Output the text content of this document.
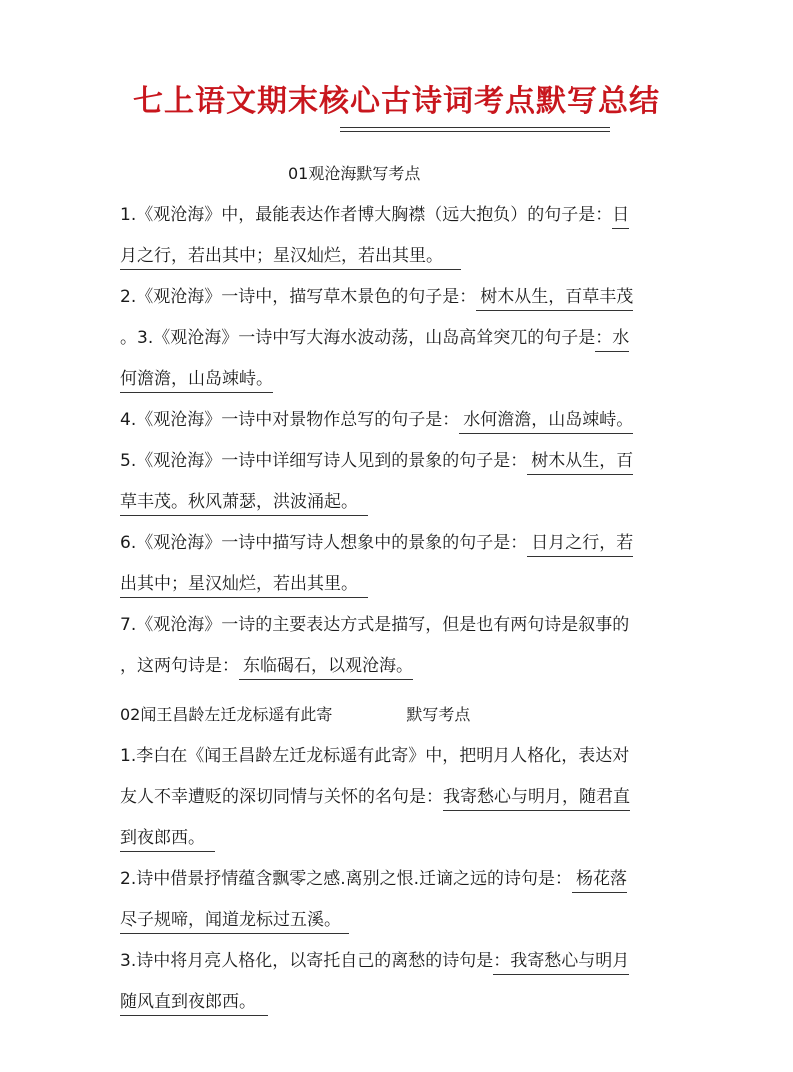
七上语文期末核心古诗词考点默写总结
01观沧海默写考点
1.《观沧海》中，最能表达作者博大胸襟（远大抱负）的句子是：日
月之行，若出其中；星汉灿烂，若出其里。
2.《观沧海》一诗中，描写草木景色的句子是： 树木从生，百草丰茂
。3.《观沧海》一诗中写大海水波动荡，山岛高耸突兀的句子是：水
何澹澹，山岛竦峙。
4.《观沧海》一诗中对景物作总写的句子是： 水何澹澹，山岛竦峙。
5.《观沧海》一诗中详细写诗人见到的景象的句子是： 树木从生，百
草丰茂。秋风萧瑟，洪波涌起。
6.《观沧海》一诗中描写诗人想象中的景象的句子是： 日月之行，若
出其中；星汉灿烂，若出其里。
7.《观沧海》一诗的主要表达方式是描写，但是也有两句诗是叙事的
，这两句诗是： 东临碣石，以观沧海。
02闻王昌龄左迁龙标遥有此寄	默写考点
1.李白在《闻王昌龄左迁龙标遥有此寄》中，把明月人格化，表达对
友人不幸遭贬的深切同情与关怀的名句是：我寄愁心与明月，随君直
到夜郎西。
2.诗中借景抒情蕴含飘零之感.离别之恨.迁谪之远的诗句是： 杨花落
尽子规啼，闻道龙标过五溪。
3.诗中将月亮人格化，以寄托自己的离愁的诗句是：我寄愁心与明月
随风直到夜郎西。
